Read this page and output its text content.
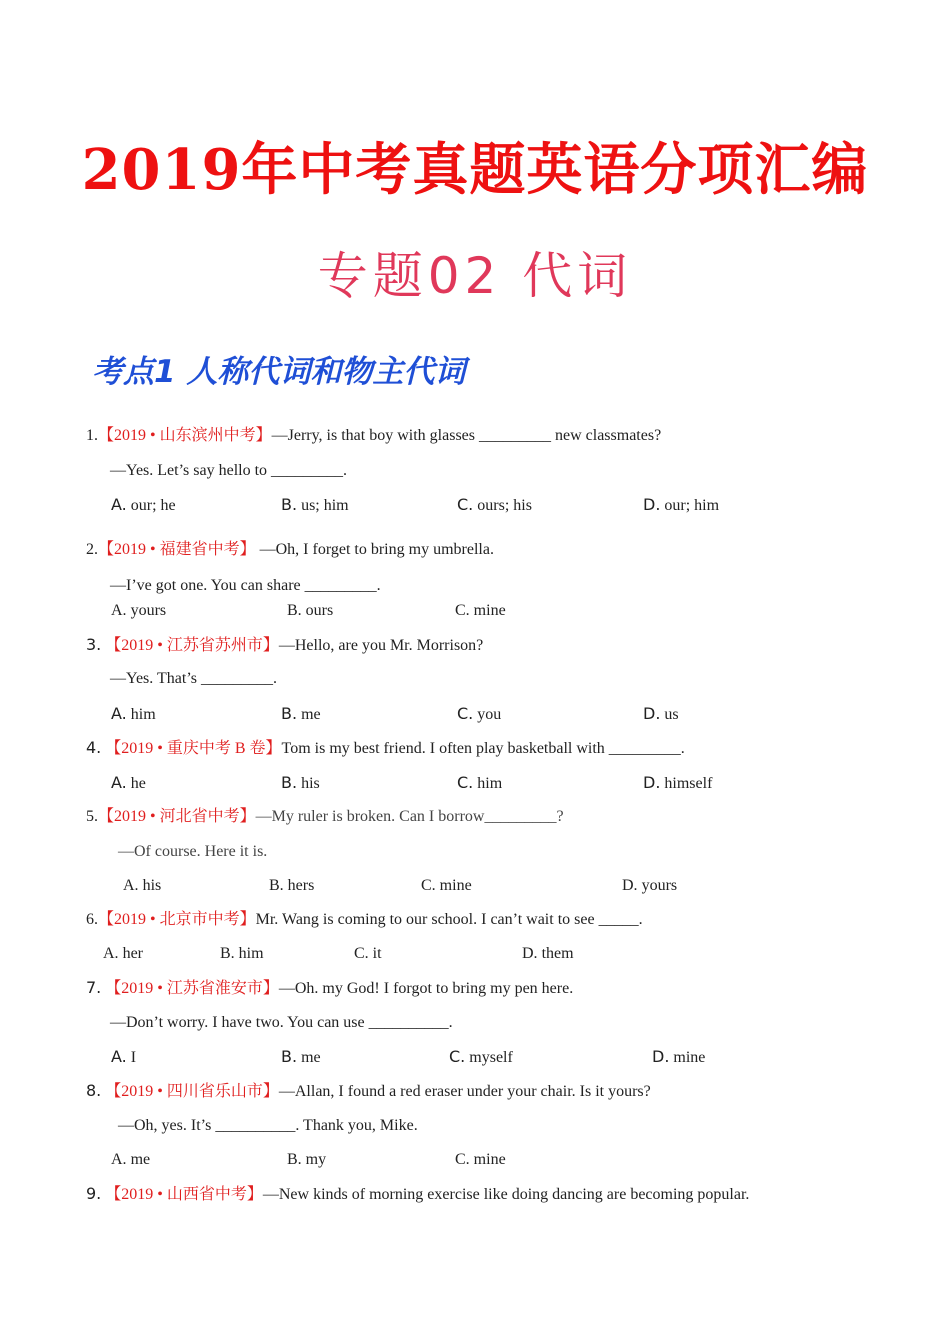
2019年中考真题英语分项汇编
专题02 代词
考点1 人称代词和物主代词
1.【2019 • 山东滨州中考】—Jerry, is that boy with glasses _________ new classmates?
—Yes. Let’s say hello to _________.
A. our; he	B. us; him	C. ours; his	D. our; him
2.【2019 • 福建省中考】 —Oh, I forget to bring my umbrella.
—I’ve got one. You can share _________.
A. yours	B. ours	C. mine
3. 【2019 • 江苏省苏州市】—Hello, are you Mr. Morrison?
—Yes. That’s _________.
A. him	B. me	C. you	D. us
4. 【2019 • 重庆中考 B 卷】Tom is my best friend. I often play basketball with _________.
A. he	B. his	C. him	D. himself
5.【2019 • 河北省中考】—My ruler is broken. Can I borrow_________?
—Of course. Here it is.
A. his	B. hers	C. mine	D. yours
6.【2019 • 北京市中考】Mr. Wang is coming to our school. I can’t wait to see _____.
A. her	B. him	C. it	D. them
7. 【2019 • 江苏省淮安市】—Oh. my God! I forgot to bring my pen here.
—Don’t worry. I have two. You can use __________.
A. I	B. me	C. myself	D. mine
8. 【2019 • 四川省乐山市】—Allan, I found a red eraser under your chair. Is it yours?
—Oh, yes. It’s __________. Thank you, Mike.
A. me	B. my	C. mine
9. 【2019 • 山西省中考】—New kinds of morning exercise like doing dancing are becoming popular.
